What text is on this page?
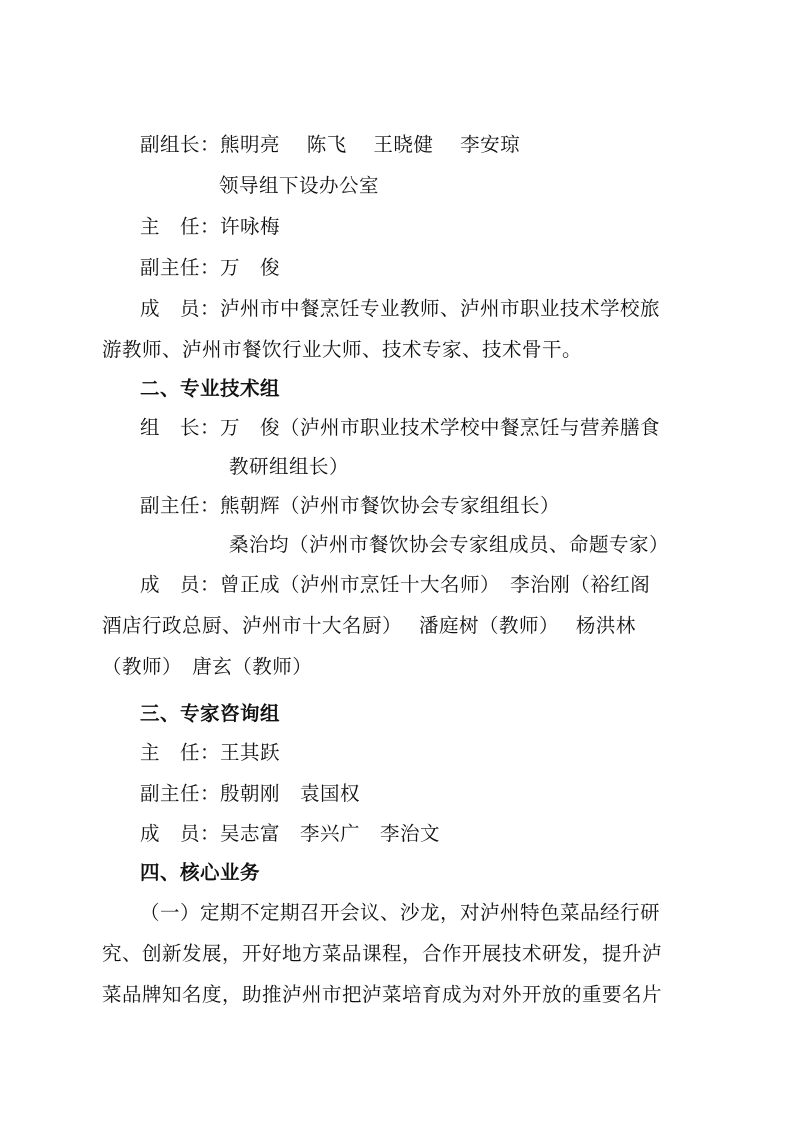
副组长：熊明亮　 陈飞　 王晓健　 李安琼
领导组下设办公室
主　任：许咏梅
副主任：万　俊
成　员：泸州市中餐烹饪专业教师、泸州市职业技术学校旅
游教师、泸州市餐饮行业大师、技术专家、技术骨干。
二、专业技术组
组　长：万　俊（泸州市职业技术学校中餐烹饪与营养膳食
教研组组长）
副主任：熊朝辉（泸州市餐饮协会专家组组长）
桑治均（泸州市餐饮协会专家组成员、命题专家）
成　员：曾正成（泸州市烹饪十大名师）　李治刚（裕红阁
酒店行政总厨、泸州市十大名厨）　 潘庭树（教师）　 杨洪林
（教师）　唐玄（教师）
三、专家咨询组
主　任：王其跃
副主任：殷朝刚　袁国权
成　员：吴志富　李兴广　李治文
四、核心业务
（一）定期不定期召开会议、沙龙，对泸州特色菜品经行研
究、创新发展，开好地方菜品课程，合作开展技术研发，提升泸
菜品牌知名度，助推泸州市把泸菜培育成为对外开放的重要名片
